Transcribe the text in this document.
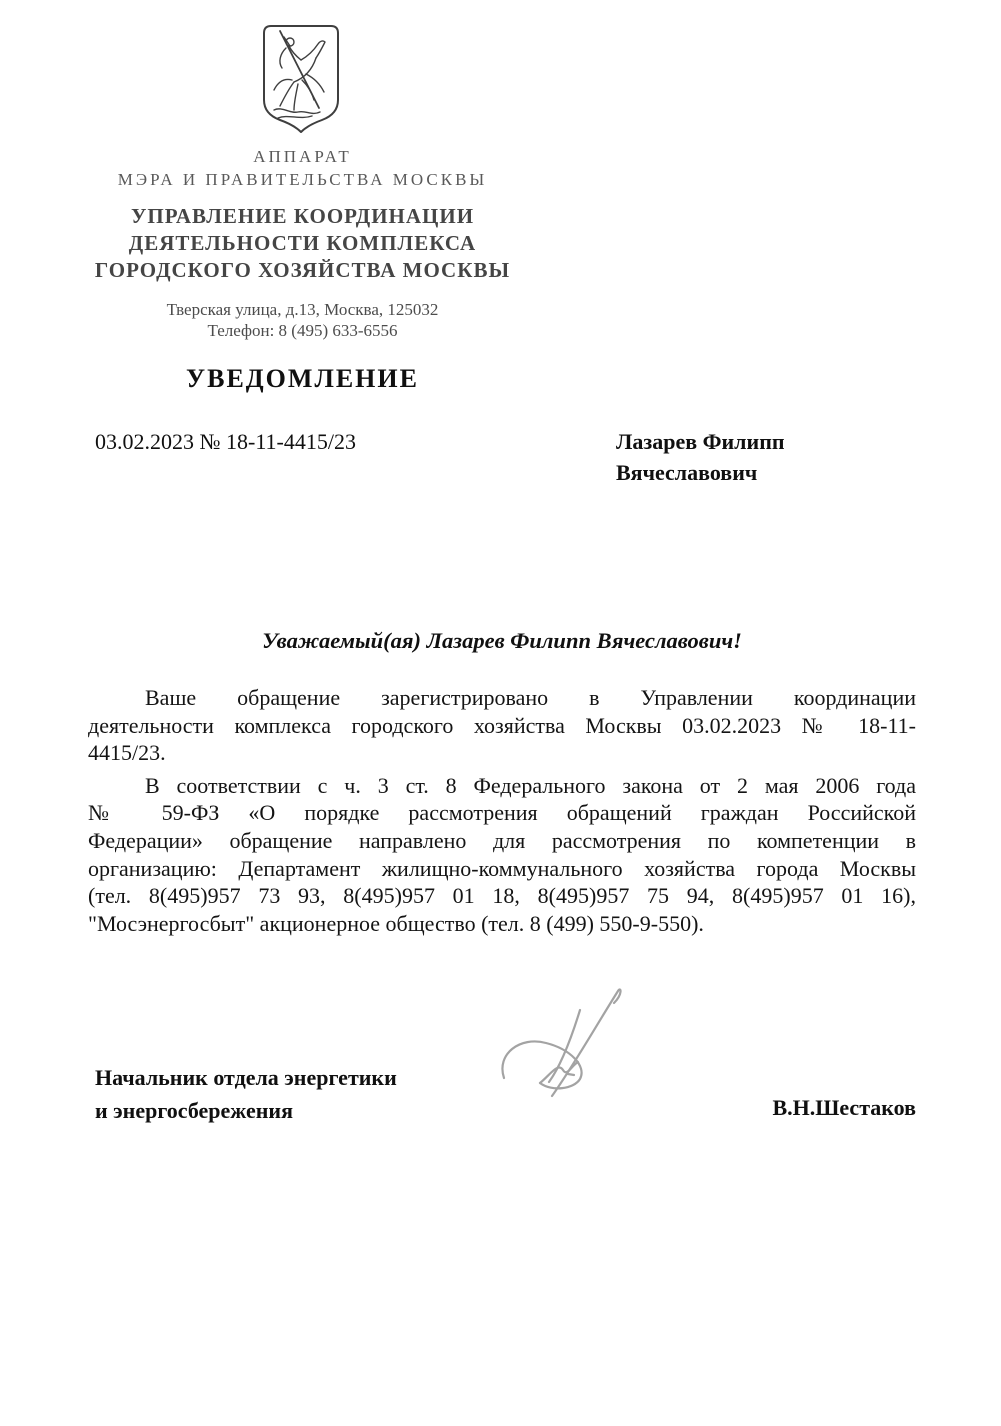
АППАРАТ
МЭРА И ПРАВИТЕЛЬСТВА МОСКВЫ
УПРАВЛЕНИЕ КООРДИНАЦИИ
ДЕЯТЕЛЬНОСТИ КОМПЛЕКСА
ГОРОДСКОГО ХОЗЯЙСТВА МОСКВЫ
Тверская улица, д.13, Москва, 125032
Телефон: 8 (495) 633-6556
УВЕДОМЛЕНИЕ
03.02.2023 № 18-11-4415/23	Лазарев Филипп
Вячеславович
Уважаемый(ая) Лазарев Филипп Вячеславович!
Ваше обращение зарегистрировано в Управлении координации
деятельности комплекса городского хозяйства Москвы 03.02.2023 № 18-11-
4415/23.
В соответствии с ч. 3 ст. 8 Федерального закона от 2 мая 2006 года
№ 59-ФЗ «О порядке рассмотрения обращений граждан Российской
Федерации» обращение направлено для рассмотрения по компетенции в
организацию: Департамент жилищно-коммунального хозяйства города Москвы
(тел. 8(495)957 73 93, 8(495)957 01 18, 8(495)957 75 94, 8(495)957 01 16),
"Мосэнергосбыт" акционерное общество (тел. 8 (499) 550-9-550).
Начальник отдела энергетики
и энергосбережения	В.Н.Шестаков
